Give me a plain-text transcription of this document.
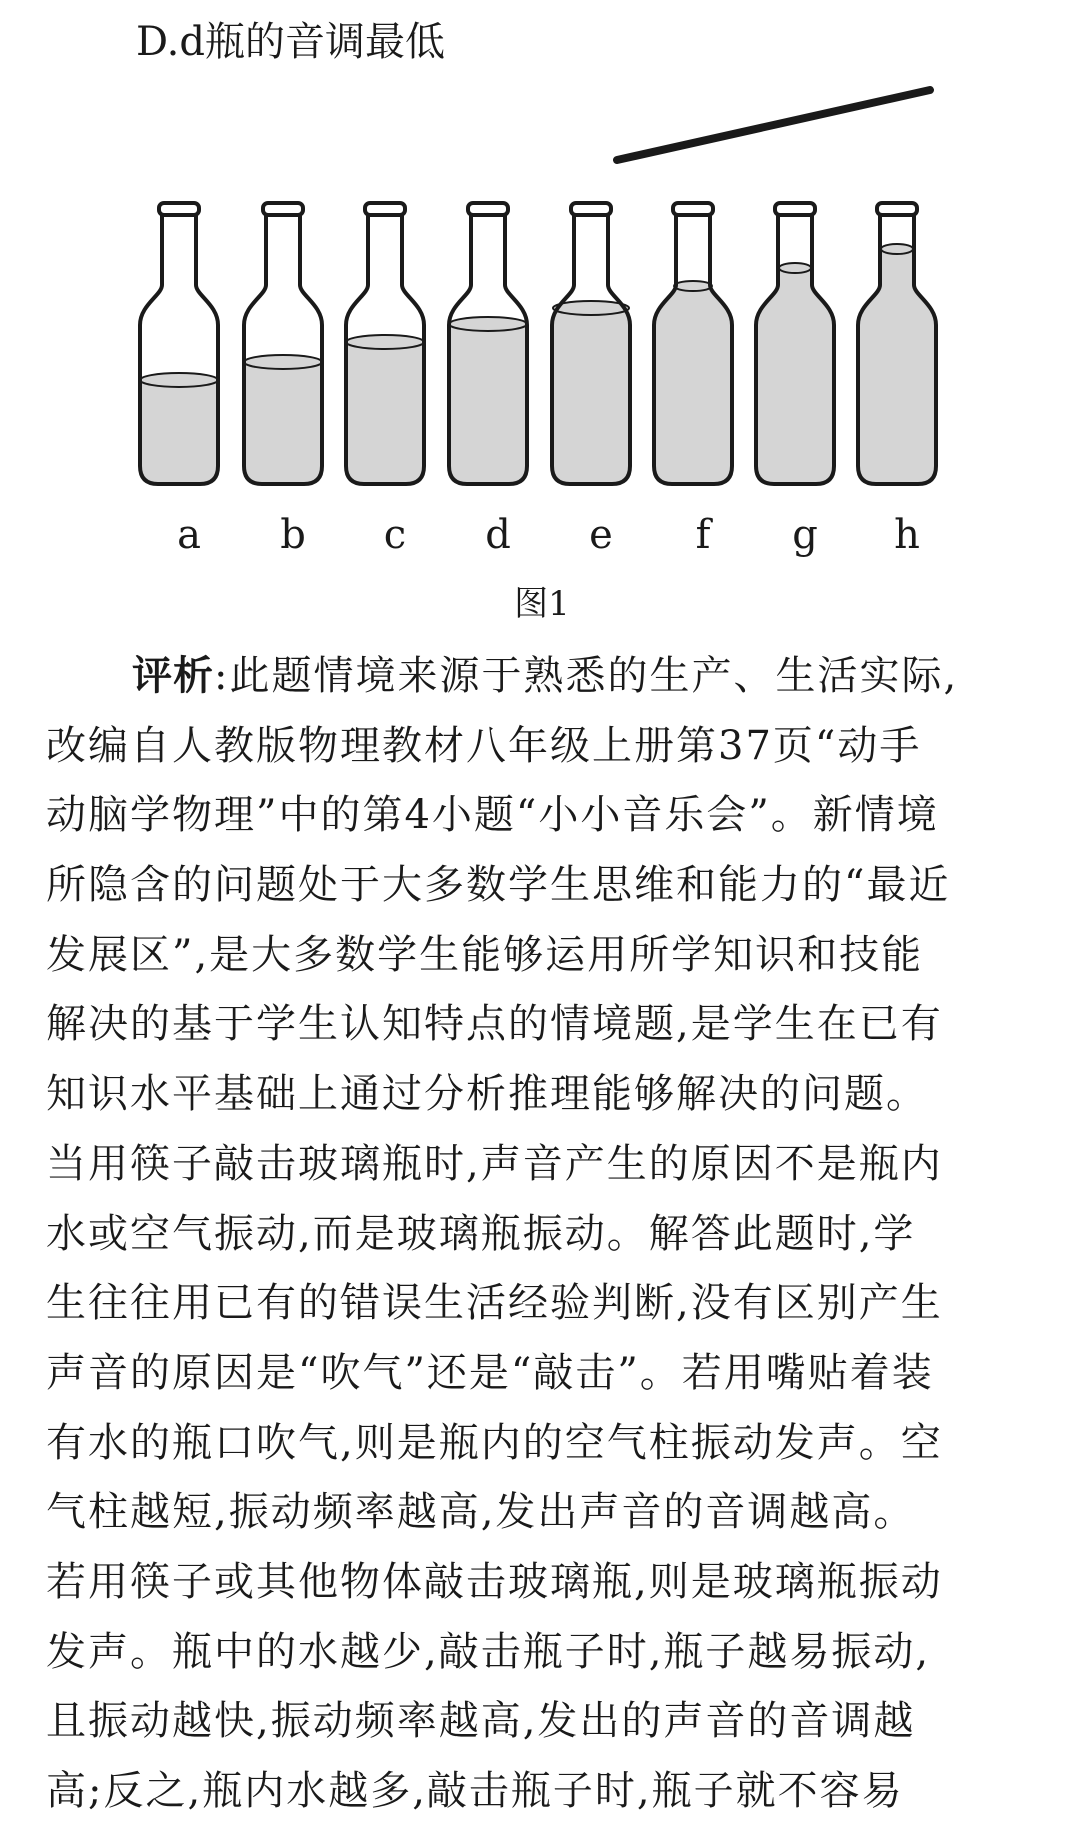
D.d瓶的音调最低
a b c d e f g h
图1
评析:此题情境来源于熟悉的生产、生活实际,
改编自人教版物理教材八年级上册第37页“动手
动脑学物理”中的第4小题“小小音乐会”。新情境
所隐含的问题处于大多数学生思维和能力的“最近
发展区”,是大多数学生能够运用所学知识和技能
解决的基于学生认知特点的情境题,是学生在已有
知识水平基础上通过分析推理能够解决的问题。
当用筷子敲击玻璃瓶时,声音产生的原因不是瓶内
水或空气振动,而是玻璃瓶振动。解答此题时,学
生往往用已有的错误生活经验判断,没有区别产生
声音的原因是“吹气”还是“敲击”。若用嘴贴着装
有水的瓶口吹气,则是瓶内的空气柱振动发声。空
气柱越短,振动频率越高,发出声音的音调越高。
若用筷子或其他物体敲击玻璃瓶,则是玻璃瓶振动
发声。瓶中的水越少,敲击瓶子时,瓶子越易振动,
且振动越快,振动频率越高,发出的声音的音调越
高;反之,瓶内水越多,敲击瓶子时,瓶子就不容易
